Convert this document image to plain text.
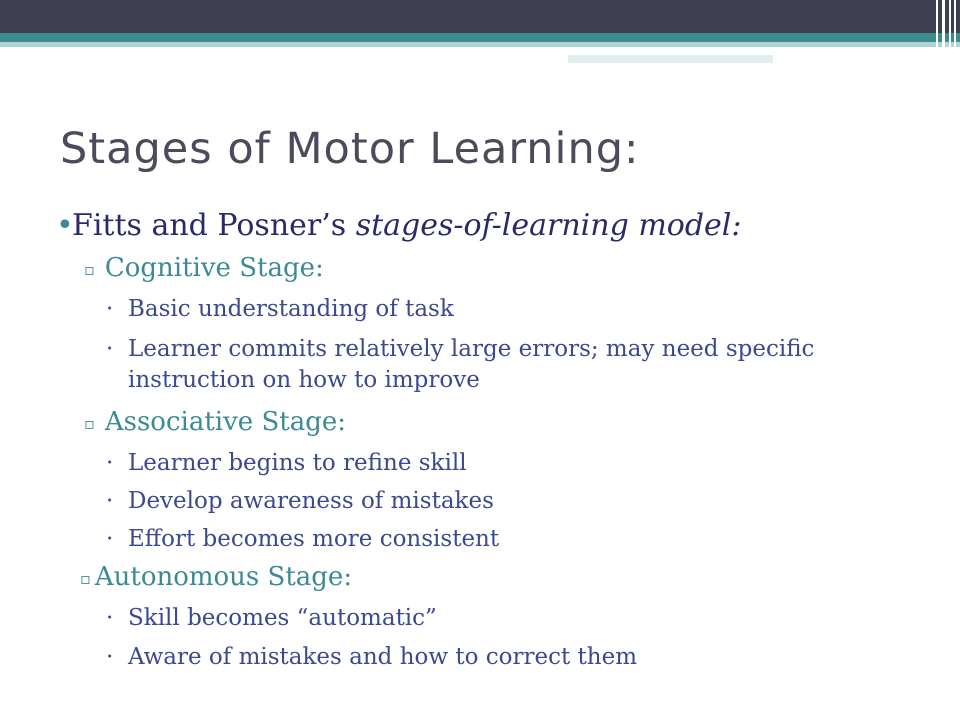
Stages of Motor Learning:
•Fitts and Posner’s stages-of-learning model:
▫ Cognitive Stage:
· Basic understanding of task
· Learner commits relatively large errors; may need specific instruction on how to improve
▫ Associative Stage:
· Learner begins to refine skill
· Develop awareness of mistakes
· Effort becomes more consistent
▫ Autonomous Stage:
· Skill becomes “automatic”
· Aware of mistakes and how to correct them
